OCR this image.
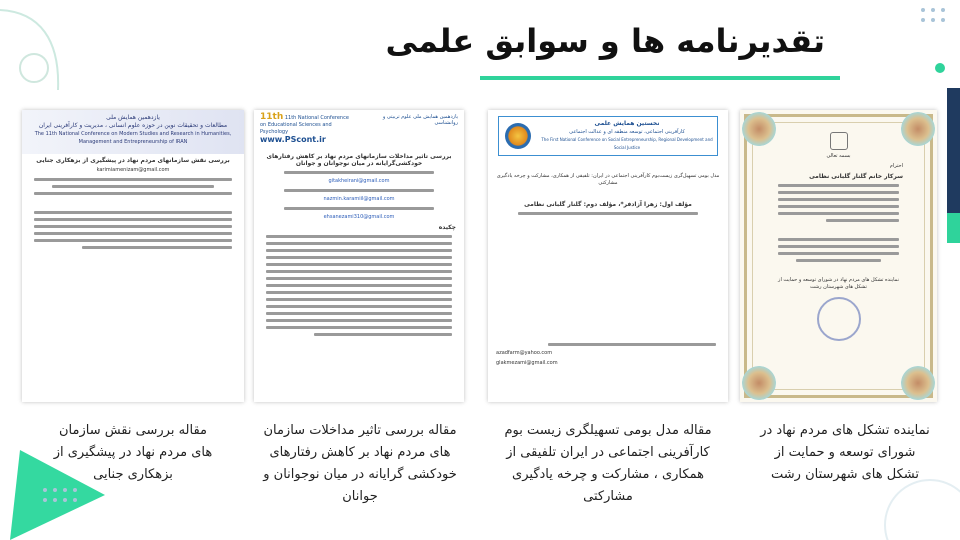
تقدیرنامه ها و سوابق علمی
یازدهمین همایش ملی
مطالعات و تحقیقات نوین در حوزه علوم انسانی ، مدیریت و کارآفرینی ایران
The 11th National Conference on Modern Studies and Research in Humanities, Management and Entrepreneurship of IRAN
بررسی نقش سازمانهای مردم نهاد در پیشگیری از بزهکاری جنایی
karimiamenizam@gmail.com
مقاله بررسی نقش سازمان های مردم نهاد در پیشگیری از بزهکاری جنایی
11th 11th National Conference on Educational Sciences and Psychology
www.PScont.ir
یازدهمین همایش ملی علوم تربیتی و روانشناسی
بررسی تاثیر مداخلات سازمانهای مردم نهاد بر کاهش رفتارهای خودکشی‌گرایانه در میان نوجوانان و جوانان
gitakheirani@gmail.com
nazmin.karamiil@gmail.com
ehsanezami310@gmail.com
چکیده
مقاله بررسی تاثیر مداخلات سازمان های مردم نهاد بر کاهش رفتارهای خودکشی گرایانه در میان نوجوانان و جوانان
نخستین همایش علمی
کارآفرینی اجتماعی، توسعه منطقه ای و عدالت اجتماعی
The First National Conference on Social Entrepreneurship, Regional Development and Social Justice
مدل بومی تسهیل‌گری زیست‌بوم کارآفرینی اجتماعی در ایران: تلفیقی از همکاری، مشارکت و چرخه یادگیری مشارکتی
مؤلف اول: زهرا آزادفر*، مؤلف دوم: گلنار گلبانی نظامی
azadfarm@yahoo.com
glakmezami@gmail.com
مقاله مدل بومی تسهیلگری زیست بوم کارآفرینی اجتماعی در ایران تلفیقی از همکاری ، مشارکت و چرخه یادگیری مشارکتی
بسمه تعالی
احترام
سرکار خانم گلنار گلبانی نظامی
نماینده تشکل های مردم نهاد در شورای توسعه و حمایت از تشکل های شهرستان رشت
نماینده تشکل های مردم نهاد در شورای توسعه و حمایت از تشکل های شهرستان رشت
